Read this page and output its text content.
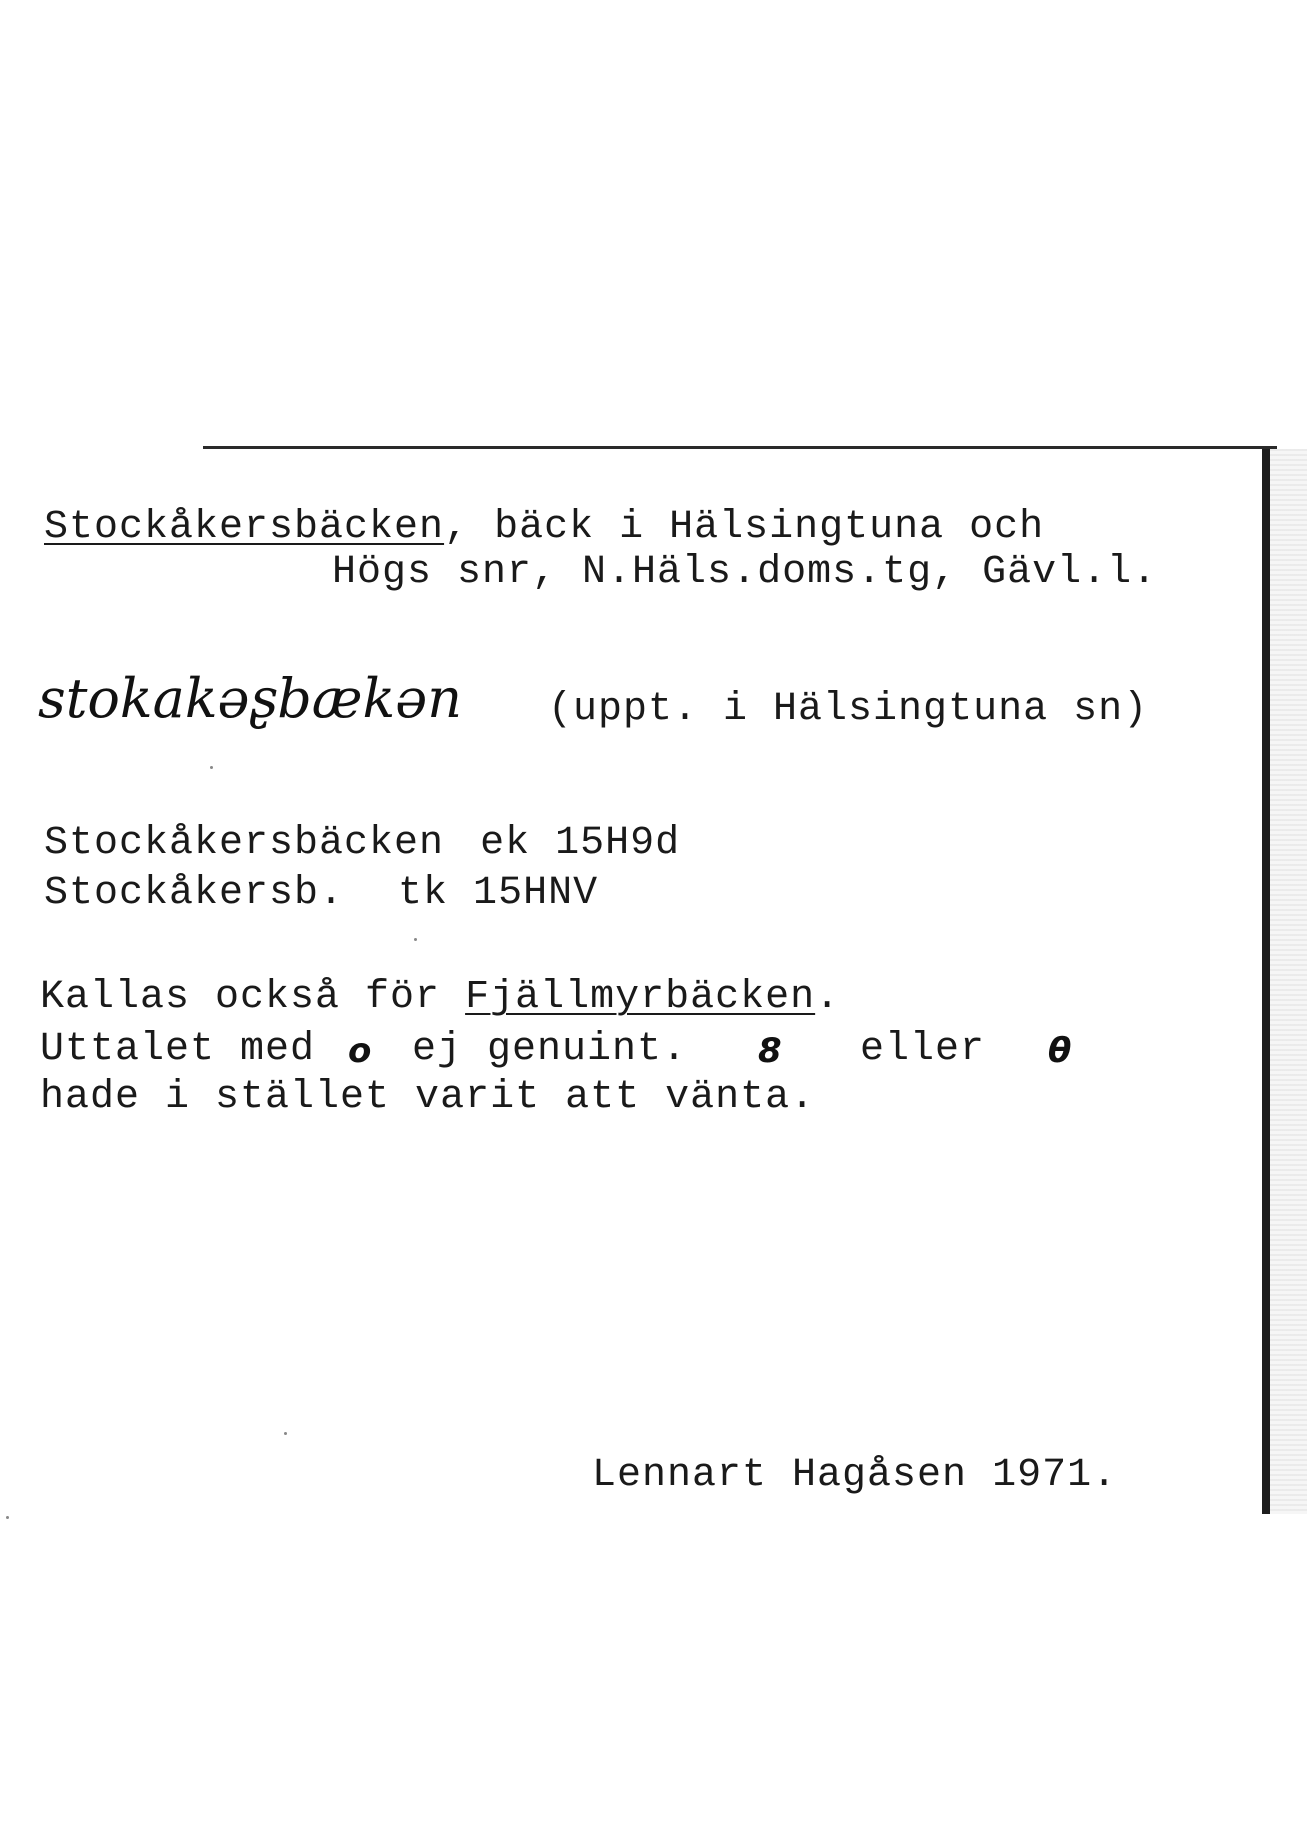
Stockåkersbäcken, bäck i Hälsingtuna och
Högs snr, N.Häls.doms.tg, Gävl.l.
stokakəʂbækən (uppt. i Hälsingtuna sn)
Stockåkersbäcken ek 15H9d
Stockåkersb. tk 15HNV
Kallas också för Fjällmyrbäcken.
Uttalet med o ej genuint. 8 eller θ
hade i stället varit att vänta.
Lennart Hagåsen 1971.
